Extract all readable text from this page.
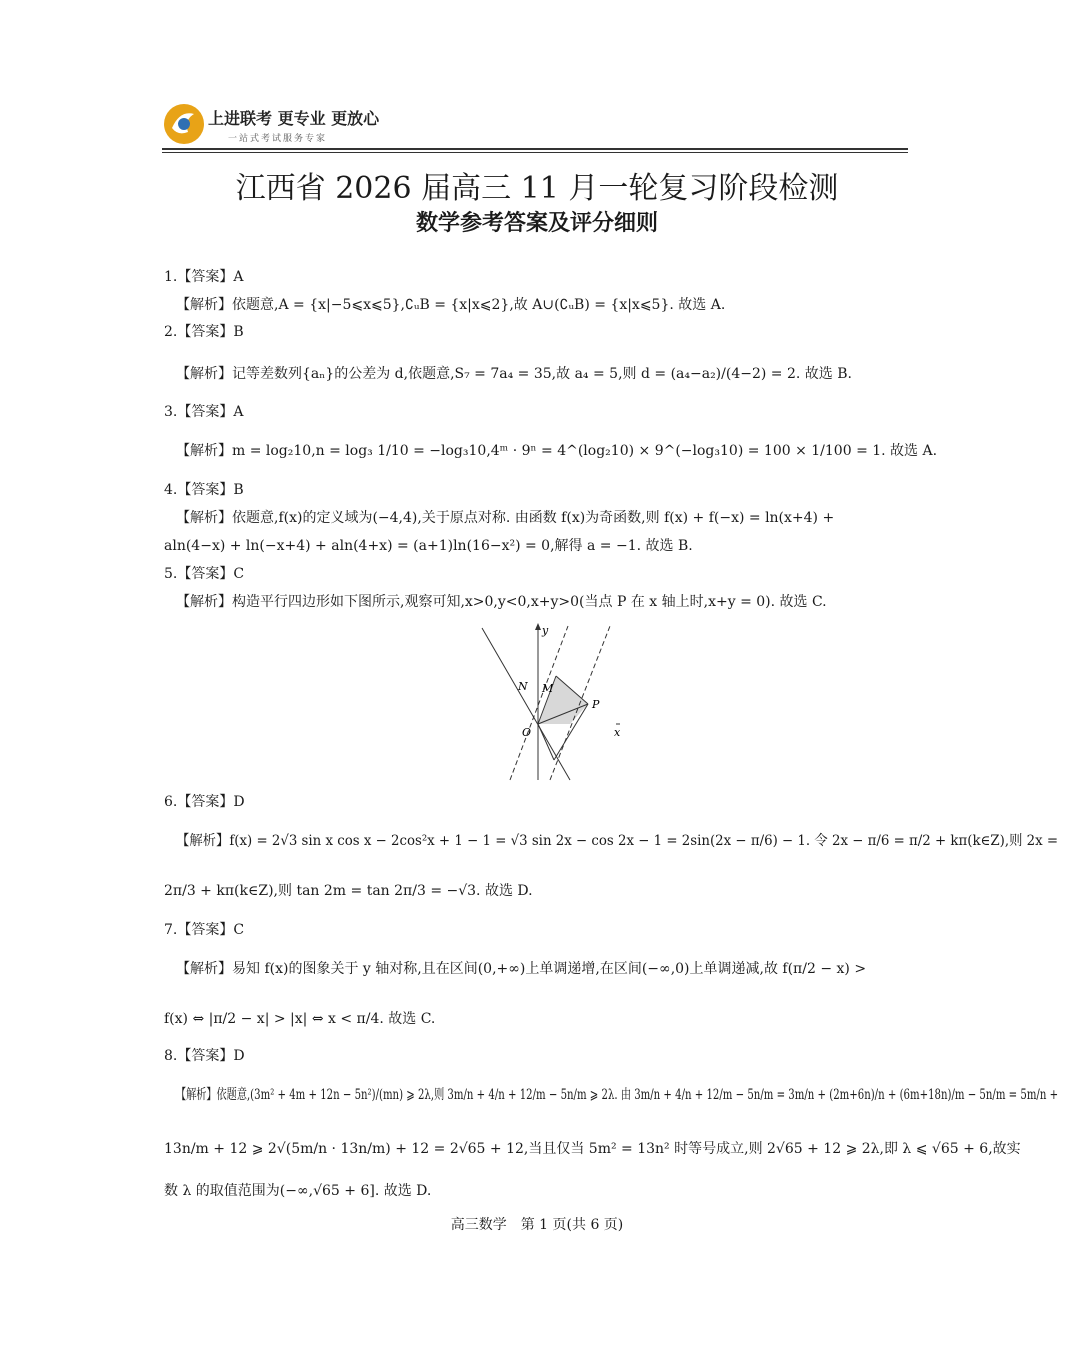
上进联考 更专业 更放心
一站式考试服务专家
江西省 2026 届高三 11 月一轮复习阶段检测
数学参考答案及评分细则
1.【答案】A
【解析】依题意,A = {x|−5⩽x⩽5},∁ᵤB = {x|x⩽2},故 A∪(∁ᵤB) = {x|x⩽5}. 故选 A.
2.【答案】B
【解析】记等差数列{aₙ}的公差为 d,依题意,S₇ = 7a₄ = 35,故 a₄ = 5,则 d = (a₄−a₂)/(4−2) = 2. 故选 B.
3.【答案】A
【解析】m = log₂10,n = log₃ 1/10 = −log₃10,4ᵐ · 9ⁿ = 4^(log₂10) × 9^(−log₃10) = 100 × 1/100 = 1. 故选 A.
4.【答案】B
【解析】依题意,f(x)的定义域为(−4,4),关于原点对称. 由函数 f(x)为奇函数,则 f(x) + f(−x) = ln(x+4) +
aln(4−x) + ln(−x+4) + aln(4+x) = (a+1)ln(16−x²) = 0,解得 a = −1. 故选 B.
5.【答案】C
【解析】构造平行四边形如下图所示,观察可知,x>0,y<0,x+y>0(当点 P 在 x 轴上时,x+y = 0). 故选 C.
y
x
N M
P
O
6.【答案】D
【解析】f(x) = 2√3 sin x cos x − 2cos²x + 1 − 1 = √3 sin 2x − cos 2x − 1 = 2sin(2x − π/6) − 1. 令 2x − π/6 = π/2 + kπ(k∈Z),则 2x =
2π/3 + kπ(k∈Z),则 tan 2m = tan 2π/3 = −√3. 故选 D.
7.【答案】C
【解析】易知 f(x)的图象关于 y 轴对称,且在区间(0,+∞)上单调递增,在区间(−∞,0)上单调递减,故 f(π/2 − x) >
f(x) ⇔ |π/2 − x| > |x| ⇔ x < π/4. 故选 C.
8.【答案】D
【解析】依题意,(3m² + 4m + 12n − 5n²)/(mn) ⩾ 2λ,则 3m/n + 4/n + 12/m − 5n/m ⩾ 2λ. 由 3m/n + 4/n + 12/m − 5n/m = 3m/n + (2m+6n)/n + (6m+18n)/m − 5n/m = 5m/n +
13n/m + 12 ⩾ 2√(5m/n · 13n/m) + 12 = 2√65 + 12,当且仅当 5m² = 13n² 时等号成立,则 2√65 + 12 ⩾ 2λ,即 λ ⩽ √65 + 6,故实
数 λ 的取值范围为(−∞,√65 + 6]. 故选 D.
高三数学　第 1 页(共 6 页)
